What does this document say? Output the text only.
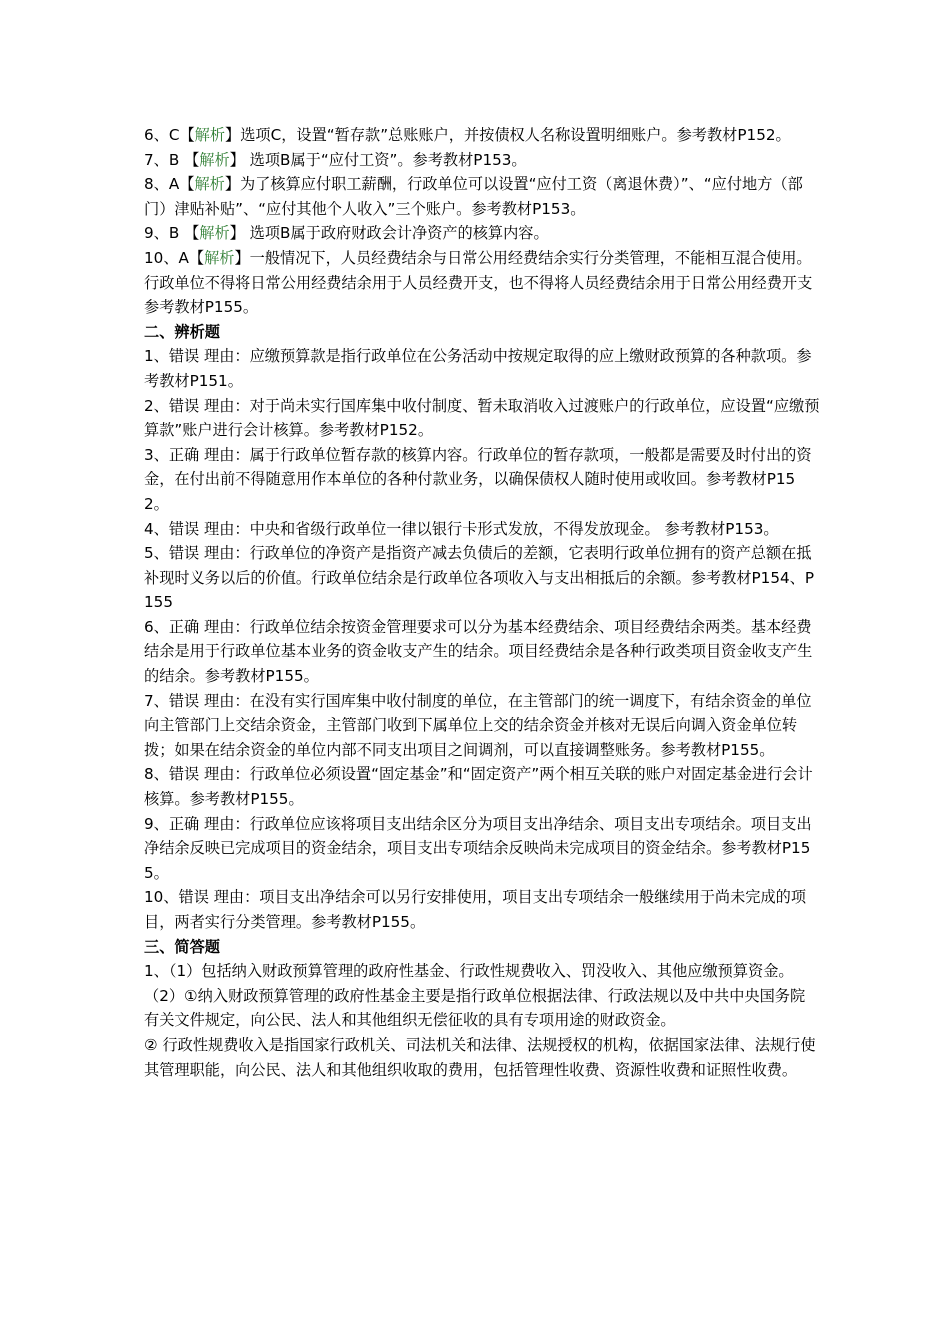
6、C【解析】选项C，设置“暂存款”总账账户，并按债权人名称设置明细账户。参考教材P152。

7、B 【解析】 选项B属于“应付工资”。参考教材P153。

8、A【解析】为了核算应付职工薪酬，行政单位可以设置“应付工资（离退休费）”、“应付地方（部门）津贴补贴”、“应付其他个人收入”三个账户。参考教材P153。

9、B 【解析】 选项B属于政府财政会计净资产的核算内容。

10、A【解析】一般情况下，人员经费结余与日常公用经费结余实行分类管理，不能相互混合使用。行政单位不得将日常公用经费结余用于人员经费开支，也不得将人员经费结余用于日常公用经费开支参考教材P155。

二、辨析题

1、错误 理由：应缴预算款是指行政单位在公务活动中按规定取得的应上缴财政预算的各种款项。参考教材P151。

2、错误 理由：对于尚未实行国库集中收付制度、暂未取消收入过渡账户的行政单位，应设置“应缴预算款”账户进行会计核算。参考教材P152。

3、正确 理由：属于行政单位暂存款的核算内容。行政单位的暂存款项，一般都是需要及时付出的资金，在付出前不得随意用作本单位的各种付款业务，以确保债权人随时使用或收回。参考教材P152。

4、错误 理由：中央和省级行政单位一律以银行卡形式发放，不得发放现金。 参考教材P153。

5、错误 理由：行政单位的净资产是指资产减去负债后的差额，它表明行政单位拥有的资产总额在抵补现时义务以后的价值。行政单位结余是行政单位各项收入与支出相抵后的余额。参考教材P154、P155

6、正确 理由：行政单位结余按资金管理要求可以分为基本经费结余、项目经费结余两类。基本经费结余是用于行政单位基本业务的资金收支产生的结余。项目经费结余是各种行政类项目资金收支产生的结余。参考教材P155。

7、错误 理由：在没有实行国库集中收付制度的单位，在主管部门的统一调度下，有结余资金的单位向主管部门上交结余资金，主管部门收到下属单位上交的结余资金并核对无误后向调入资金单位转拨；如果在结余资金的单位内部不同支出项目之间调剂，可以直接调整账务。参考教材P155。

8、错误 理由：行政单位必须设置“固定基金”和“固定资产”两个相互关联的账户对固定基金进行会计核算。参考教材P155。

9、正确 理由：行政单位应该将项目支出结余区分为项目支出净结余、项目支出专项结余。项目支出净结余反映已完成项目的资金结余，项目支出专项结余反映尚未完成项目的资金结余。参考教材P155。

10、错误 理由：项目支出净结余可以另行安排使用，项目支出专项结余一般继续用于尚未完成的项目，两者实行分类管理。参考教材P155。

三、简答题

1、（1）包括纳入财政预算管理的政府性基金、行政性规费收入、罚没收入、其他应缴预算资金。

（2）①纳入财政预算管理的政府性基金主要是指行政单位根据法律、行政法规以及中共中央国务院有关文件规定，向公民、法人和其他组织无偿征收的具有专项用途的财政资金。

② 行政性规费收入是指国家行政机关、司法机关和法律、法规授权的机构，依据国家法律、法规行使其管理职能，向公民、法人和其他组织收取的费用，包括管理性收费、资源性收费和证照性收费。
